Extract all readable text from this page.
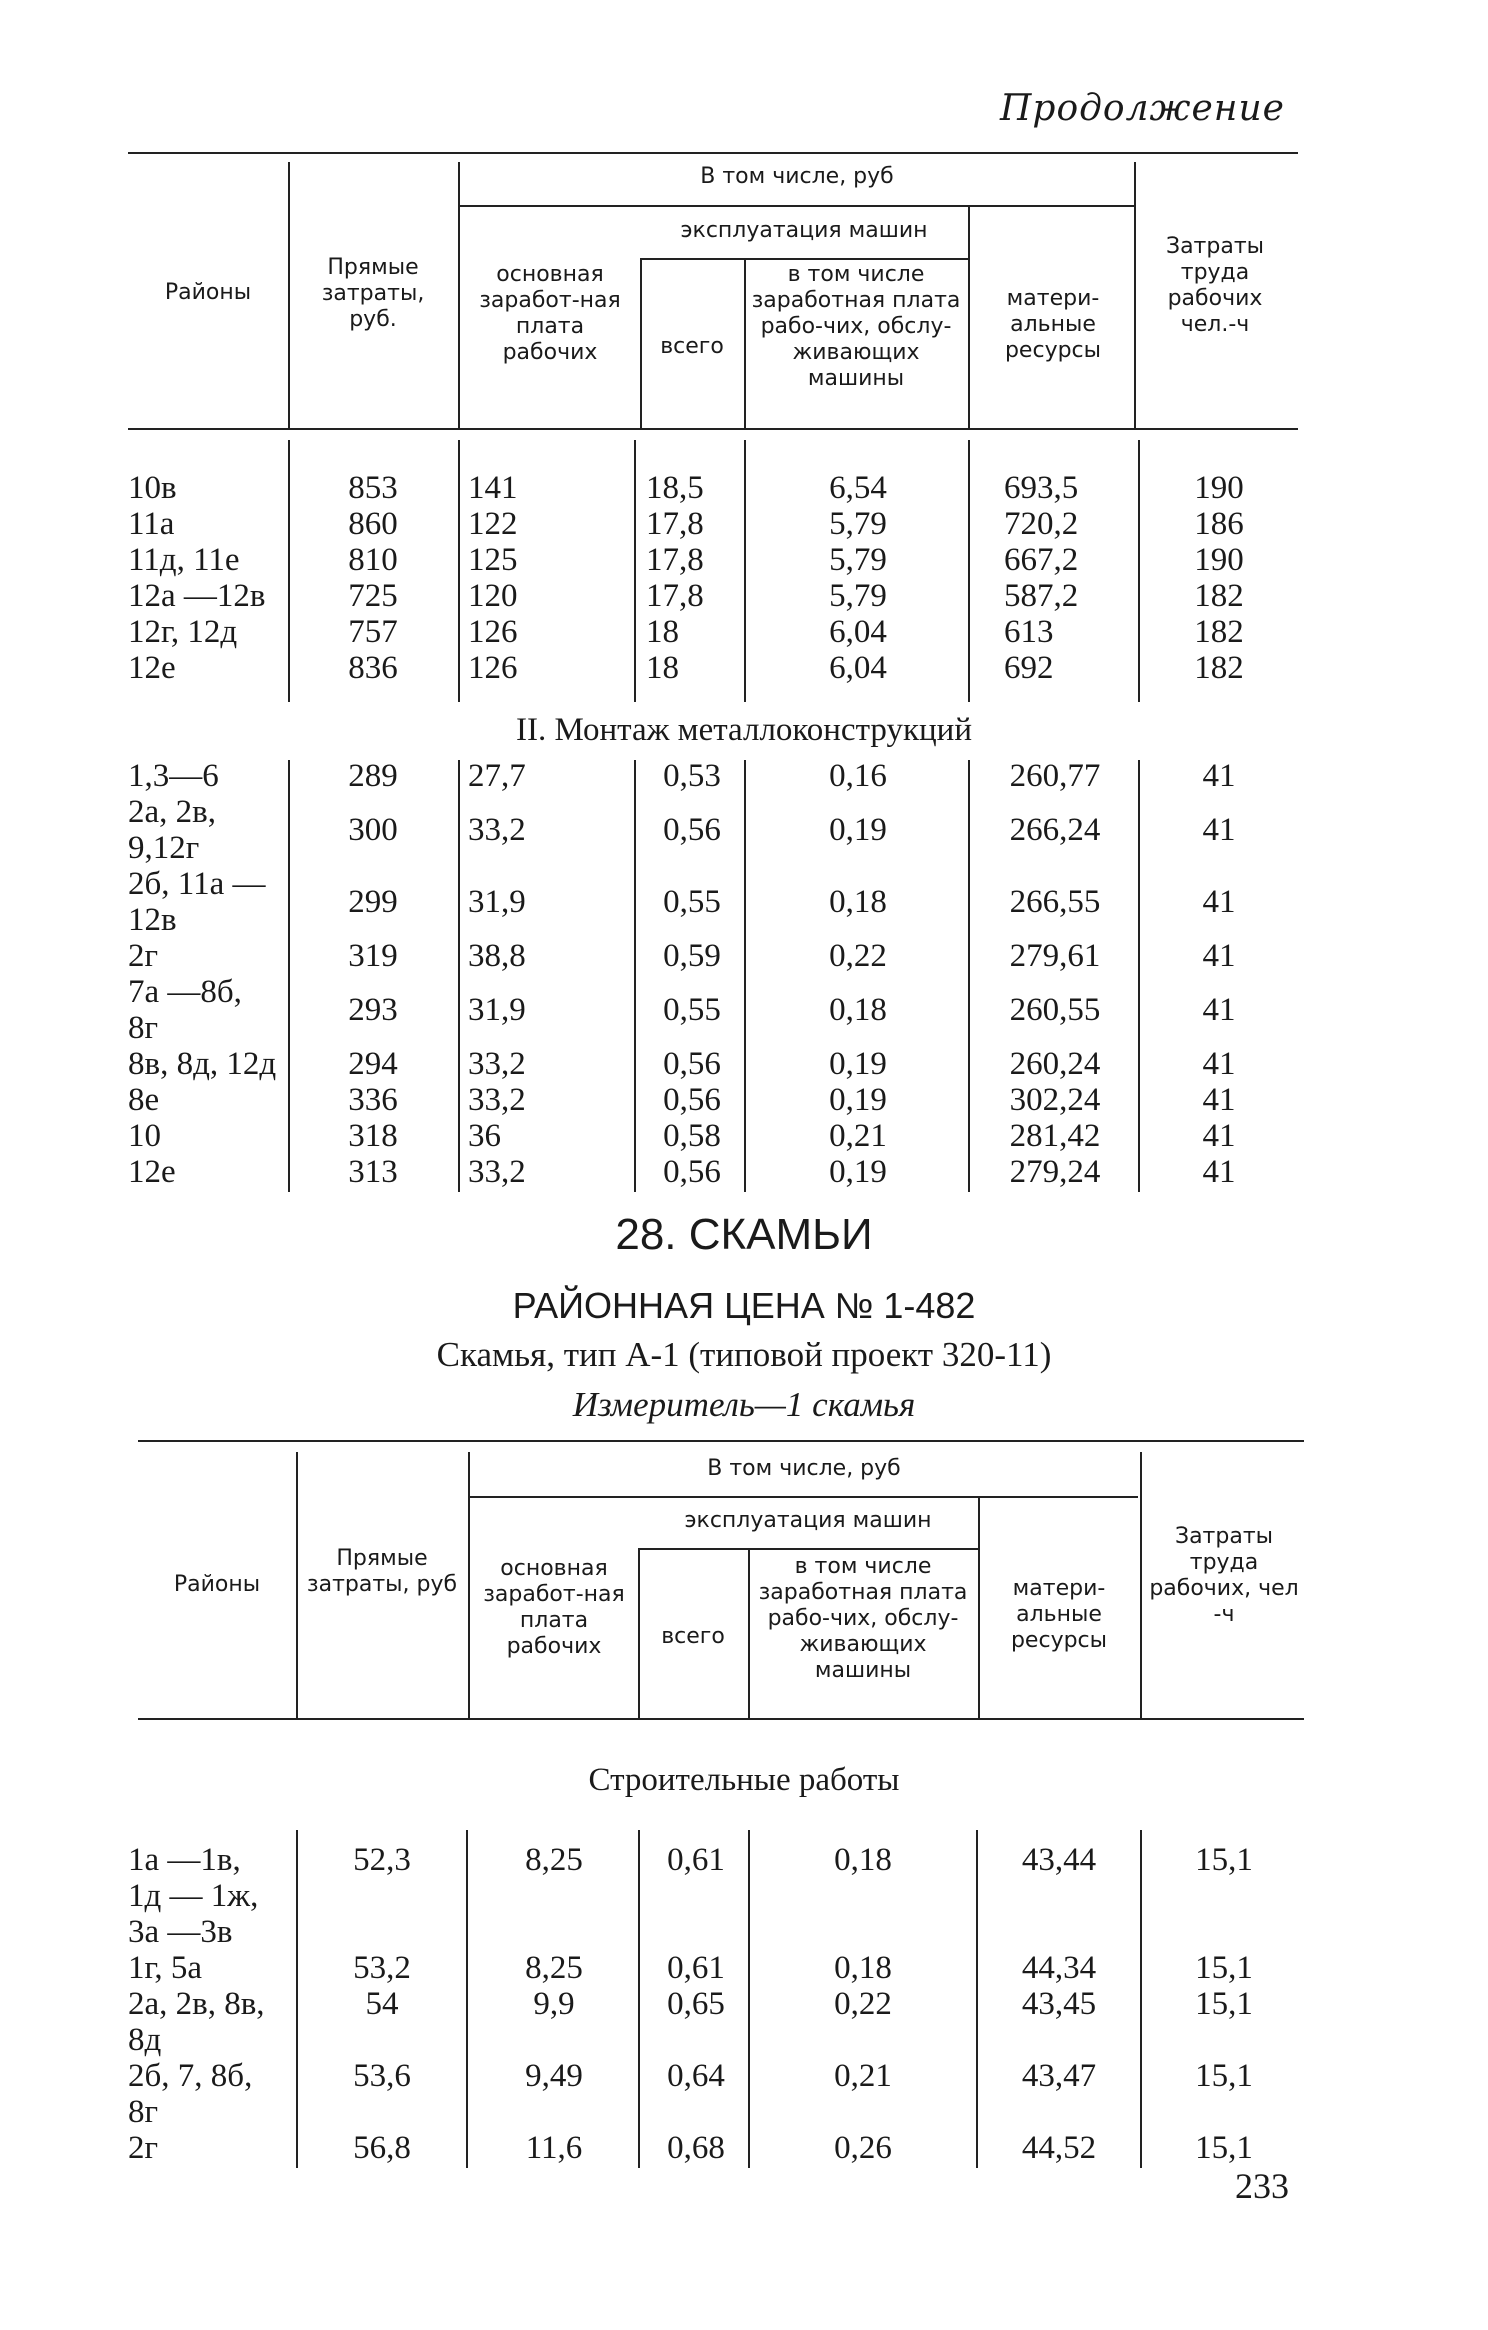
Продолжение
Районы
Прямые затраты, руб.
В том числе, руб
основная заработ-ная плата рабочих
эксплуатация машин
всего
в том числе заработная плата рабо-чих, обслу-живающих машины
матери-альные ресурсы
Затраты труда рабочих чел.-ч
10в	853	141	18,5	6,54	693,5	190
11а	860	122	17,8	5,79	720,2	186
11д, 11е	810	125	17,8	5,79	667,2	190
12а —12в	725	120	17,8	5,79	587,2	182
12г, 12д	757	126	18	6,04	613	182
12е	836	126	18	6,04	692	182
II. Монтаж металлоконструкций
1,3—6	289	27,7	0,53	0,16	260,77	41
2а, 2в,
9,12г	300	33,2	0,56	0,19	266,24	41
2б, 11а —
12в	299	31,9	0,55	0,18	266,55	41
2г	319	38,8	0,59	0,22	279,61	41
7а —8б,
8г	293	31,9	0,55	0,18	260,55	41
8в, 8д, 12д	294	33,2	0,56	0,19	260,24	41
8е	336	33,2	0,56	0,19	302,24	41
10	318	36	0,58	0,21	281,42	41
12е	313	33,2	0,56	0,19	279,24	41
28. СКАМЬИ
РАЙОННАЯ ЦЕНА № 1-482
Скамья, тип А-1 (типовой проект 320-11)
Измеритель—1 скамья
Районы
Прямые затраты, руб
В том числе, руб
основная заработ-ная плата рабочих
эксплуатация машин
всего
в том числе заработная плата рабо-чих, обслу-живающих машины
матери-альные ресурсы
Затраты труда рабочих, чел -ч
Строительные работы
1а —1в,
1д — 1ж,
3а —3в
52,3	8,25	0,61	0,18	43,44	15,1
1г, 5а	53,2	8,25	0,61	0,18	44,34	15,1
2а, 2в, 8в,
8д
54	9,9	0,65	0,22	43,45	15,1
2б, 7, 8б,
8г
53,6	9,49	0,64	0,21	43,47	15,1
2г	56,8	11,6	0,68	0,26	44,52	15,1
233
